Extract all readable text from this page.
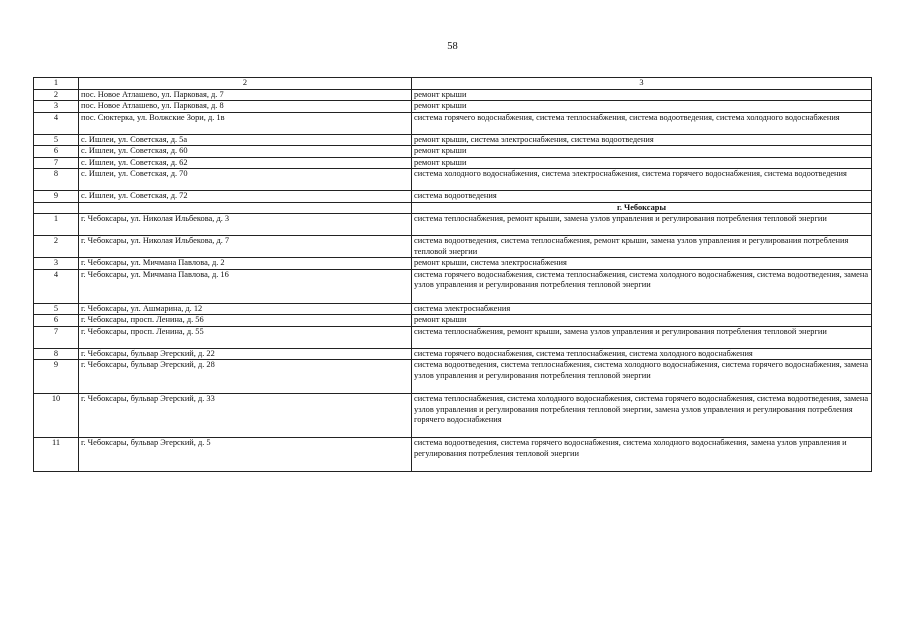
58
1	2	3
2	пос. Новое Атлашево, ул. Парковая, д. 7	ремонт крыши
3	пос. Новое Атлашево, ул. Парковая, д. 8	ремонт крыши
4	пос. Сюктерка, ул. Волжские Зори, д. 1в	система горячего водоснабжения, система теплоснабжения, система водоотведения, система холодного водоснабжения
5	с. Ишлеи, ул. Советская, д. 5а	ремонт крыши, система электроснабжения, система водоотведения
6	с. Ишлеи, ул. Советская, д. 60	ремонт крыши
7	с. Ишлеи, ул. Советская, д. 62	ремонт крыши
8	с. Ишлеи, ул. Советская, д. 70	система холодного водоснабжения, система электроснабжения, система горячего водоснабжения, система водоотведения
9	с. Ишлеи, ул. Советская, д. 72	система водоотведения
		г. Чебоксары
1	г. Чебоксары, ул. Николая Ильбекова, д. 3	система теплоснабжения, ремонт крыши, замена узлов управления и регулирования потребления тепловой энергии
2	г. Чебоксары, ул. Николая Ильбекова, д. 7	система водоотведения, система теплоснабжения, ремонт крыши, замена узлов управления и регулирования потребления тепловой энергии
3	г. Чебоксары, ул. Мичмана Павлова, д. 2	ремонт крыши, система электроснабжения
4	г. Чебоксары, ул. Мичмана Павлова, д. 16	система горячего водоснабжения, система теплоснабжения, система холодного водоснабжения, система водоотведения, замена узлов управления и регулирования потребления тепловой энергии
5	г. Чебоксары, ул. Ашмарина, д. 12	система электроснабжения
6	г. Чебоксары, просп. Ленина, д. 56	ремонт крыши
7	г. Чебоксары, просп. Ленина, д. 55	система теплоснабжения, ремонт крыши, замена узлов управления и регулирования потребления тепловой энергии
8	г. Чебоксары, бульвар Эгерский, д. 22	система горячего водоснабжения, система теплоснабжения, система холодного водоснабжения
9	г. Чебоксары, бульвар Эгерский, д. 28	система водоотведения, система теплоснабжения, система холодного водоснабжения, система горячего водоснабжения, замена узлов управления и регулирования потребления тепловой энергии
10	г. Чебоксары, бульвар Эгерский, д. 33	система теплоснабжения, система холодного водоснабжения, система горячего водоснабжения, система водоотведения, замена узлов управления и регулирования потребления тепловой энергии, замена узлов управления и регулирования потребления горячего водоснабжения
11	г. Чебоксары, бульвар Эгерский, д. 5	система водоотведения, система горячего водоснабжения, система холодного водоснабжения, замена узлов управления и регулирования потребления тепловой энергии
